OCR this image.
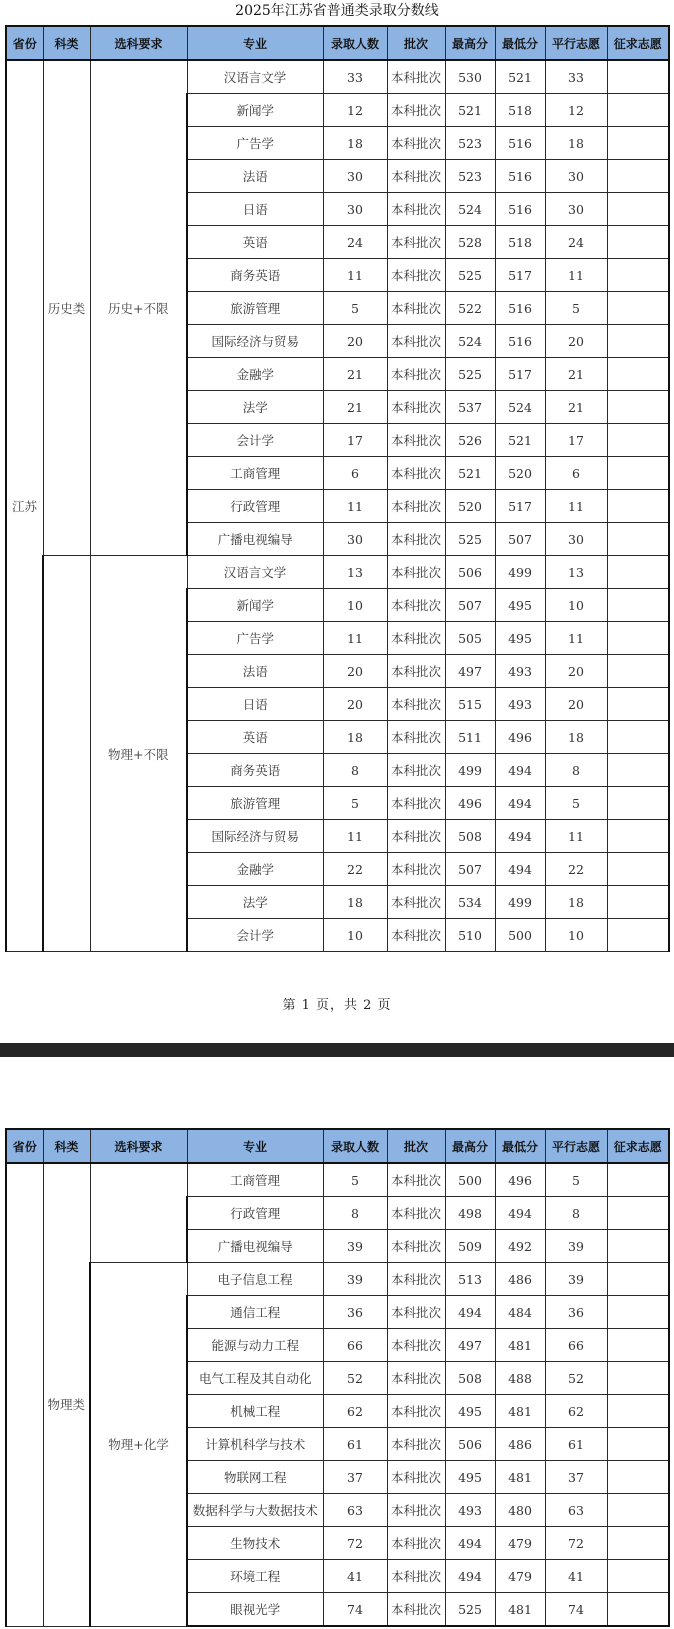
2025年江苏省普通类录取分数线
省份	科类	选科要求	专业	录取人数	批次	最高分	最低分	平行志愿	征求志愿
江苏	历史类	历史+不限	汉语言文学	33	本科批次	530	521	33	
			新闻学	12	本科批次	521	518	12	
			广告学	18	本科批次	523	516	18	
			法语	30	本科批次	523	516	30	
			日语	30	本科批次	524	516	30	
			英语	24	本科批次	528	518	24	
			商务英语	11	本科批次	525	517	11	
			旅游管理	5	本科批次	522	516	5	
			国际经济与贸易	20	本科批次	524	516	20	
			金融学	21	本科批次	525	517	21	
			法学	21	本科批次	537	524	21	
			会计学	17	本科批次	526	521	17	
			工商管理	6	本科批次	521	520	6	
			行政管理	11	本科批次	520	517	11	
			广播电视编导	30	本科批次	525	507	30	
		物理+不限	汉语言文学	13	本科批次	506	499	13	
			新闻学	10	本科批次	507	495	10	
			广告学	11	本科批次	505	495	11	
			法语	20	本科批次	497	493	20	
			日语	20	本科批次	515	493	20	
			英语	18	本科批次	511	496	18	
			商务英语	8	本科批次	499	494	8	
			旅游管理	5	本科批次	496	494	5	
			国际经济与贸易	11	本科批次	508	494	11	
			金融学	22	本科批次	507	494	22	
			法学	18	本科批次	534	499	18	
			会计学	10	本科批次	510	500	10	
第 1 页，共 2 页
省份	科类	选科要求	专业	录取人数	批次	最高分	最低分	平行志愿	征求志愿
	物理类		工商管理	5	本科批次	500	496	5	
			行政管理	8	本科批次	498	494	8	
			广播电视编导	39	本科批次	509	492	39	
		物理+化学	电子信息工程	39	本科批次	513	486	39	
			通信工程	36	本科批次	494	484	36	
			能源与动力工程	66	本科批次	497	481	66	
			电气工程及其自动化	52	本科批次	508	488	52	
			机械工程	62	本科批次	495	481	62	
			计算机科学与技术	61	本科批次	506	486	61	
			物联网工程	37	本科批次	495	481	37	
			数据科学与大数据技术	63	本科批次	493	480	63	
			生物技术	72	本科批次	494	479	72	
			环境工程	41	本科批次	494	479	41	
			眼视光学	74	本科批次	525	481	74	
